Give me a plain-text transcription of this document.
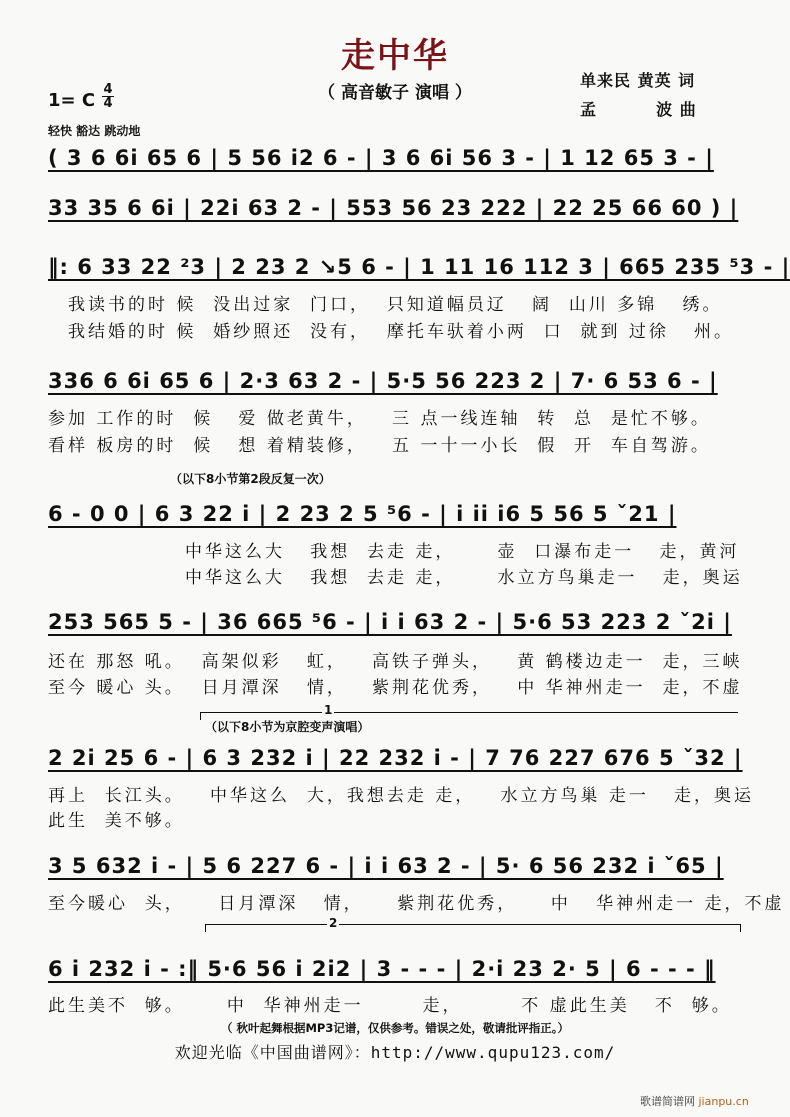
走中华
（ 高音敏子 演唱 ）
单来民 黄英 词
孟         波 曲
1= C
4
4
轻快 豁达 跳动地
( 3 6 6i 65 6 | 5 56 i2 6 - | 3 6 6i 56 3 - | 1 12 65 3 - |
33 35 6 6i | 22i 63 2 - | 553 56 23 222 | 22 25 66 60 ) |
‖: 6 33 22 ²3 | 2 23 2 ↘5 6 - | 1 11 16 112 3 | 665 235 ⁵3 - |
我读书的时 候  没出过家  门口，  只知道幅员辽   阔  山川 多锦   绣。
我结婚的时 候  婚纱照还  没有，  摩托车驮着小两  口  就到 过徐   州。
336 6 6i 65 6 | 2·3 63 2 - | 5·5 56 223 2 | 7· 6 53 6 - |
参加 工作的时  候   爱 做老黄牛，   三 点一线连轴  转  总  是忙不够。
看样 板房的时  候   想 着精装修，   五 一十一小长  假  开  车自驾游。
（以下8小节第2段反复一次）
6 - 0 0 | 6 3 22 i | 2 23 2 5 ⁵6 - | i ii i6 5 56 5 ˇ21 |
中华这么大   我想  去走 走，     壶  口瀑布走一   走，黄河
中华这么大   我想  去走 走，     水立方鸟巢走一   走，奥运
253 565 5 - | 36 665 ⁵6 - | i i 63 2 - | 5·6 53 223 2 ˇ2i |
还在 那怒 吼。  高架似彩   虹，   高铁子弹头，   黄 鹤楼边走一  走，三峡
至今 暖心 头。  日月潭深   情，   紫荆花优秀，   中 华神州走一  走，不虚
1
（以下8小节为京腔变声演唱）
2 2i 25 6 - | 6 3 232 i | 22 232 i - | 7 76 227 676 5 ˇ32 |
再上  长江头。   中华这么  大，我想去走 走，   水立方鸟巢 走一   走，奥运
此生  美不够。
3 5 632 i - | 5 6 227 6 - | i i 63 2 - | 5· 6 56 232 i ˇ65 |
至今暖心  头，    日月潭深   情，    紫荆花优秀，    中   华神州走一 走，不虚
2
6 i 232 i - :‖ 5·6 56 i 2i2 | 3 - - - | 2·i 23 2· 5 | 6 - - - ‖
此生美不  够。     中  华神州走一       走，       不 虚此生美   不  够。
（ 秋叶起舞根据MP3记谱，仅供参考。错误之处，敬请批评指正。）
欢迎光临《中国曲谱网》：http://www.qupu123.com/
歌谱简谱网 jianpu.cn
